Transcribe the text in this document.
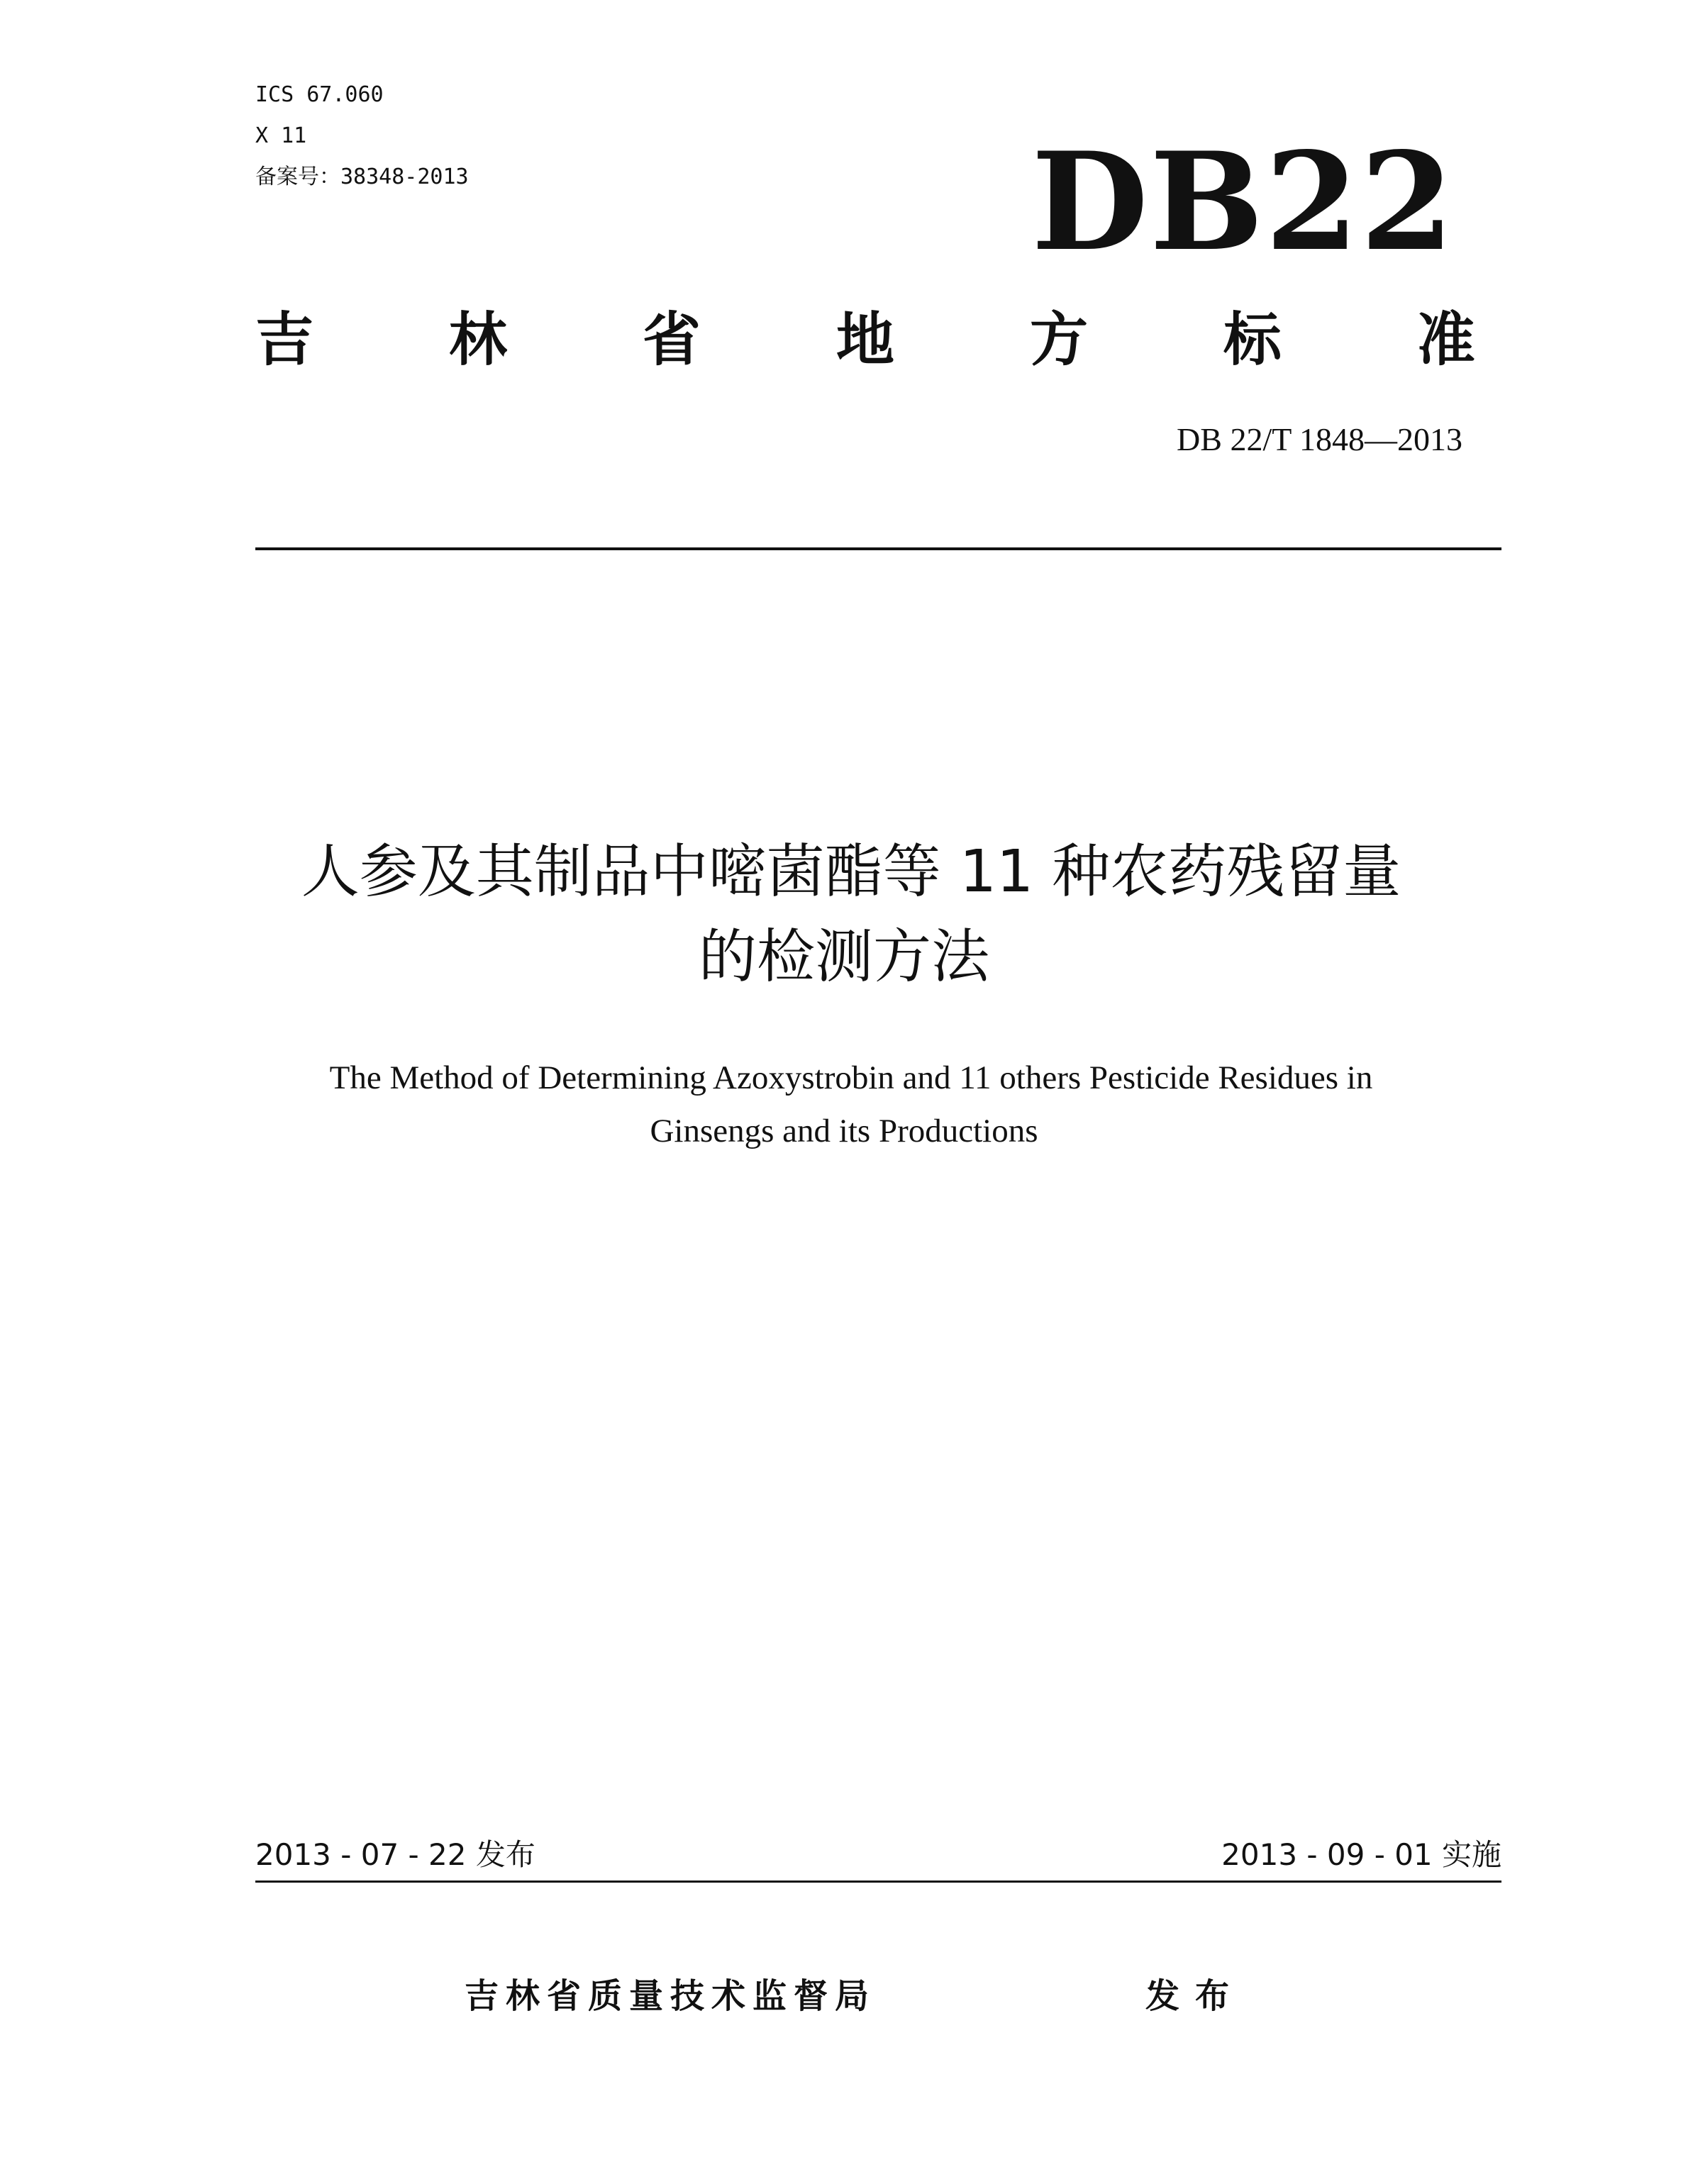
ICS 67.060
X 11
备案号：38348-2013	DB22
吉 林 省 地 方 标 准
DB 22/T 1848—2013
人参及其制品中嘧菌酯等 11 种农药残留量
的检测方法
The Method of Determining Azoxystrobin and 11 others Pesticide Residues in
Ginsengs and its Productions
2013 - 07 - 22 发布	2013 - 09 - 01 实施
吉林省质量技术监督局	发布
